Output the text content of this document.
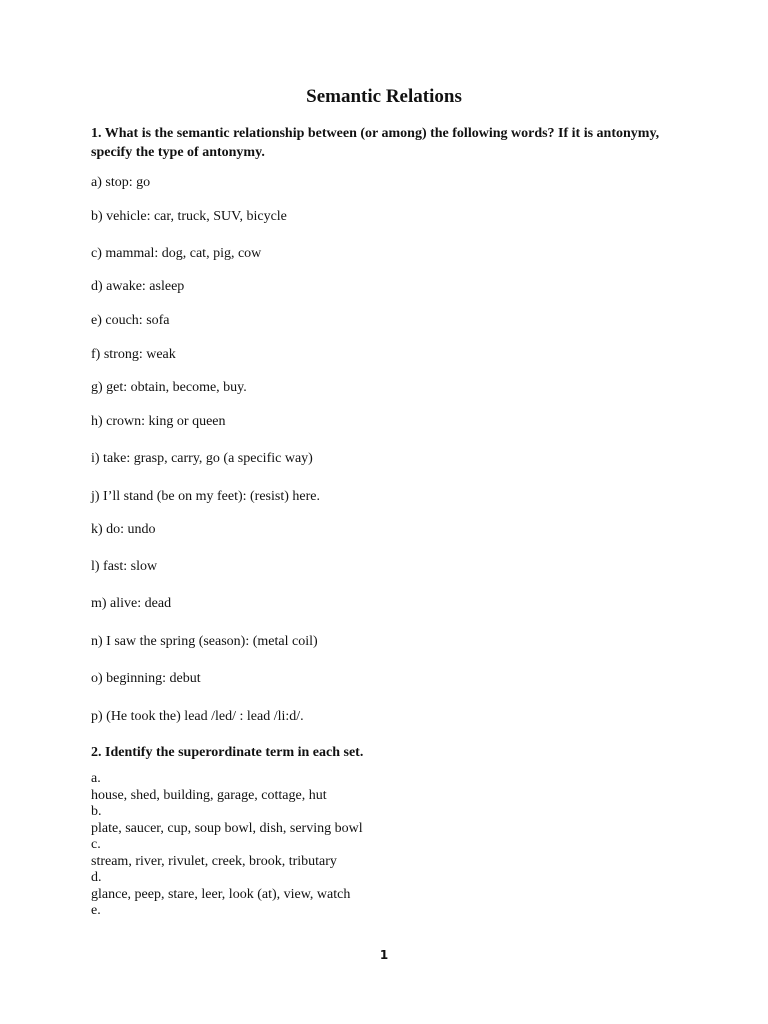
Semantic Relations
1. What is the semantic relationship between (or among) the following words? If it is antonymy, specify the type of antonymy.
a) stop: go
b) vehicle: car, truck, SUV, bicycle
c) mammal: dog, cat, pig, cow
d) awake: asleep
e) couch: sofa
f) strong: weak
g) get: obtain, become, buy.
h) crown: king or queen
i) take: grasp, carry, go (a specific way)
j) I’ll stand (be on my feet): (resist) here.
k) do: undo
l) fast: slow
m) alive: dead
n) I saw the spring (season): (metal coil)
o) beginning: debut
p) (He took the) lead /led/ : lead /li:d/.
2. Identify the superordinate term in each set.
a.
house, shed, building, garage, cottage, hut
b.
plate, saucer, cup, soup bowl, dish, serving bowl
c.
stream, river, rivulet, creek, brook, tributary
d.
glance, peep, stare, leer, look (at), view, watch
e.
1
